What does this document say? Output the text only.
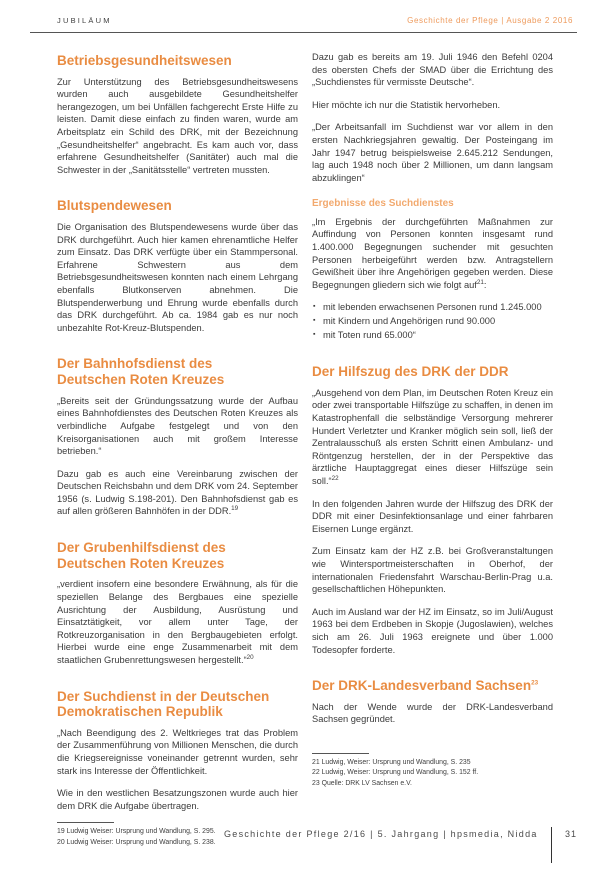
JUBILÄUM	Geschichte der Pflege | Ausgabe 2 2016
Betriebsgesundheitswesen

Zur Unterstützung des Betriebsgesundheitswesens wurden auch ausgebildete Gesundheitshelfer herangezogen, um bei Unfällen fachgerecht Erste Hilfe zu leisten. Damit diese einfach zu finden waren, wurde am Arbeitsplatz ein Schild des DRK, mit der Bezeichnung „Gesundheitshelfer“ angebracht. Es kam auch vor, dass erfahrene Gesundheitshelfer (Sanitäter) auch mal die Schwester in der „Sanitätsstelle“ vertreten mussten.

Blutspendewesen

Die Organisation des Blutspendewesens wurde über das DRK durchgeführt. Auch hier kamen ehrenamtliche Helfer zum Einsatz. Das DRK verfügte über ein Stammpersonal. Erfahrene Schwestern aus dem Betriebsgesundheitswesen konnten nach einem Lehrgang ebenfalls Blutkonserven abnehmen. Die Blutspenderwerbung und Ehrung wurde ebenfalls durch das DRK durchgeführt. Ab ca. 1984 gab es nur noch unbezahlte Rot-Kreuz-Blutspenden.

Der Bahnhofsdienst des
Deutschen Roten Kreuzes

„Bereits seit der Gründungssatzung wurde der Aufbau eines Bahnhofdienstes des Deutschen Roten Kreuzes als verbindliche Aufgabe festgelegt und von den Kreisorganisationen auch mit großem Interesse betrieben.“

Dazu gab es auch eine Vereinbarung zwischen der Deutschen Reichsbahn und dem DRK vom 24. September 1956 (s. Ludwig S.198-201). Den Bahnhofsdienst gab es auf allen größeren Bahnhöfen in der DDR.$^{19}$

Der Grubenhilfsdienst des
Deutschen Roten Kreuzes

„verdient insofern eine besondere Erwähnung, als für die speziellen Belange des Bergbaues eine spezielle Ausrichtung der Ausbildung, Ausrüstung und Einsatztätigkeit, vor allem unter Tage, der Rotkreuzorganisation in den Bergbaugebieten erfolgt. Hierbei wurde eine enge Zusammenarbeit mit dem staatlichen Grubenrettungswesen hergestellt.“$^{20}$

Der Suchdienst in der Deutschen
Demokratischen Republik

„Nach Beendigung des 2. Weltkrieges trat das Problem der Zusammenführung von Millionen Menschen, die durch die Kriegsereignisse voneinander getrennt wurden, sehr stark ins Interesse der Öffentlichkeit.

Wie in den westlichen Besatzungszonen wurde auch hier dem DRK die Aufgabe übertragen.

19 Ludwig Weiser: Ursprung und Wandlung, S. 295.

20 Ludwig Weiser: Ursprung und Wandlung, S. 238.

Dazu gab es bereits am 19. Juli 1946 den Befehl 0204 des obersten Chefs der SMAD über die Errichtung des „Suchdienstes für vermisste Deutsche“.

Hier möchte ich nur die Statistik hervorheben.

„Der Arbeitsanfall im Suchdienst war vor allem in den ersten Nachkriegsjahren gewaltig. Der Posteingang im Jahr 1947 betrug beispielsweise 2.645.212 Sendungen, lag auch 1948 noch über 2 Millionen, um dann langsam abzuklingen“

Ergebnisse des Suchdienstes

„Im Ergebnis der durchgeführten Maßnahmen zur Auffindung von Personen konnten insgesamt rund 1.400.000 Begegnungen suchender mit gesuchten Personen herbeigeführt werden bzw. Antragstellern Gewißheit über ihre Angehörigen gegeben werden. Diese Begegnungen gliedern sich wie folgt auf$^{21}$:

▪ mit lebenden erwachsenen Personen rund 1.245.000
▪ mit Kindern und Angehörigen rund 90.000
▪ mit Toten rund 65.000“
Der Hilfszug des DRK der DDR

„Ausgehend von dem Plan, im Deutschen Roten Kreuz ein oder zwei transportable Hilfszüge zu schaffen, in denen im Katastrophenfall die selbständige Versorgung mehrerer Hundert Verletzter und Kranker möglich sein soll, ließ der Zentralausschuß als ersten Schritt einen Ambulanz- und Röntgenzug herstellen, der in der Perspektive das ärztliche Hauptaggregat eines dieser Hilfszüge sein soll.“$^{22}$

In den folgenden Jahren wurde der Hilfszug des DRK der DDR mit einer Desinfektionsanlage und einer fahrbaren Eisernen Lunge ergänzt.

Zum Einsatz kam der HZ z.B. bei Großveranstaltungen wie Wintersportmeisterschaften in Oberhof, der internationalen Friedensfahrt Warschau-Berlin-Prag u.a. gesellschaftlichen Höhepunkten.

Auch im Ausland war der HZ im Einsatz, so im Juli/August 1963 bei dem Erdbeben in Skopje (Jugoslawien), welches sich am 26. Juli 1963 ereignete und über 1.000 Todesopfer forderte.

Der DRK-Landesverband Sachsen$^{23}$

Nach der Wende wurde der DRK-Landesverband Sachsen gegründet.

21 Ludwig, Weiser: Ursprung und Wandlung, S. 235

22 Ludwig, Weiser: Ursprung und Wandlung, S. 152 ff.

23 Quelle: DRK LV Sachsen e.V.

Geschichte der Pflege 2/16 | 5. Jahrgang | hpsmedia, Nidda	31
